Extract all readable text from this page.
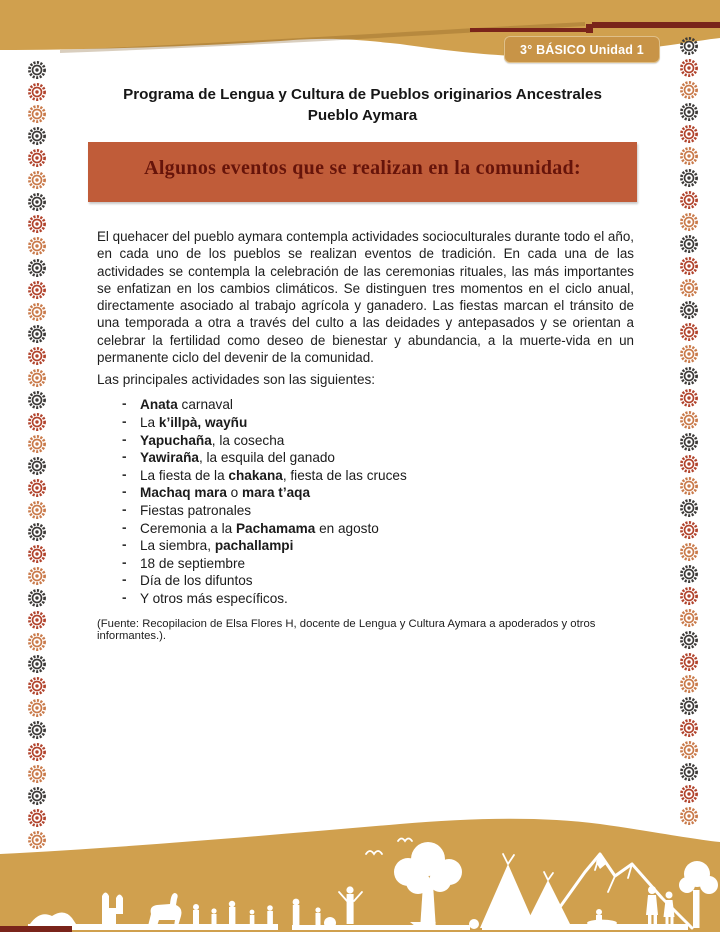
3° BÁSICO Unidad 1
Programa de Lengua y Cultura de Pueblos originarios Ancestrales
Pueblo Aymara
Algunos eventos que se realizan en la comunidad:

El quehacer del pueblo aymara contempla actividades socioculturales durante todo el año, en cada uno de los pueblos se realizan eventos de tradición. En cada una de las actividades se contempla la celebración de las ceremonias rituales, las más importantes se enfatizan en los cambios climáticos. Se distinguen tres momentos en el ciclo anual, directamente asociado al trabajo agrícola y ganadero. Las fiestas marcan el tránsito de una temporada a otra a través del culto a las deidades y antepasados y se orientan a celebrar la fertilidad como deseo de bienestar y abundancia, a la muerte-vida en un permanente ciclo del devenir de la comunidad.

Las principales actividades son las siguientes:

- Anata carnaval
- La k’illpà, wayñu
- Yapuchaña, la cosecha
- Yawiraña, la esquila del ganado
- La fiesta de la chakana, fiesta de las cruces
- Machaq mara o mara t’aqa
- Fiestas patronales
- Ceremonia a la Pachamama en agosto
- La siembra, pachallampi
- 18 de septiembre
- Día de los difuntos
- Y otros más específicos.

(Fuente: Recopilacion de Elsa Flores H, docente de Lengua y Cultura Aymara a apoderados y otros informantes.).
